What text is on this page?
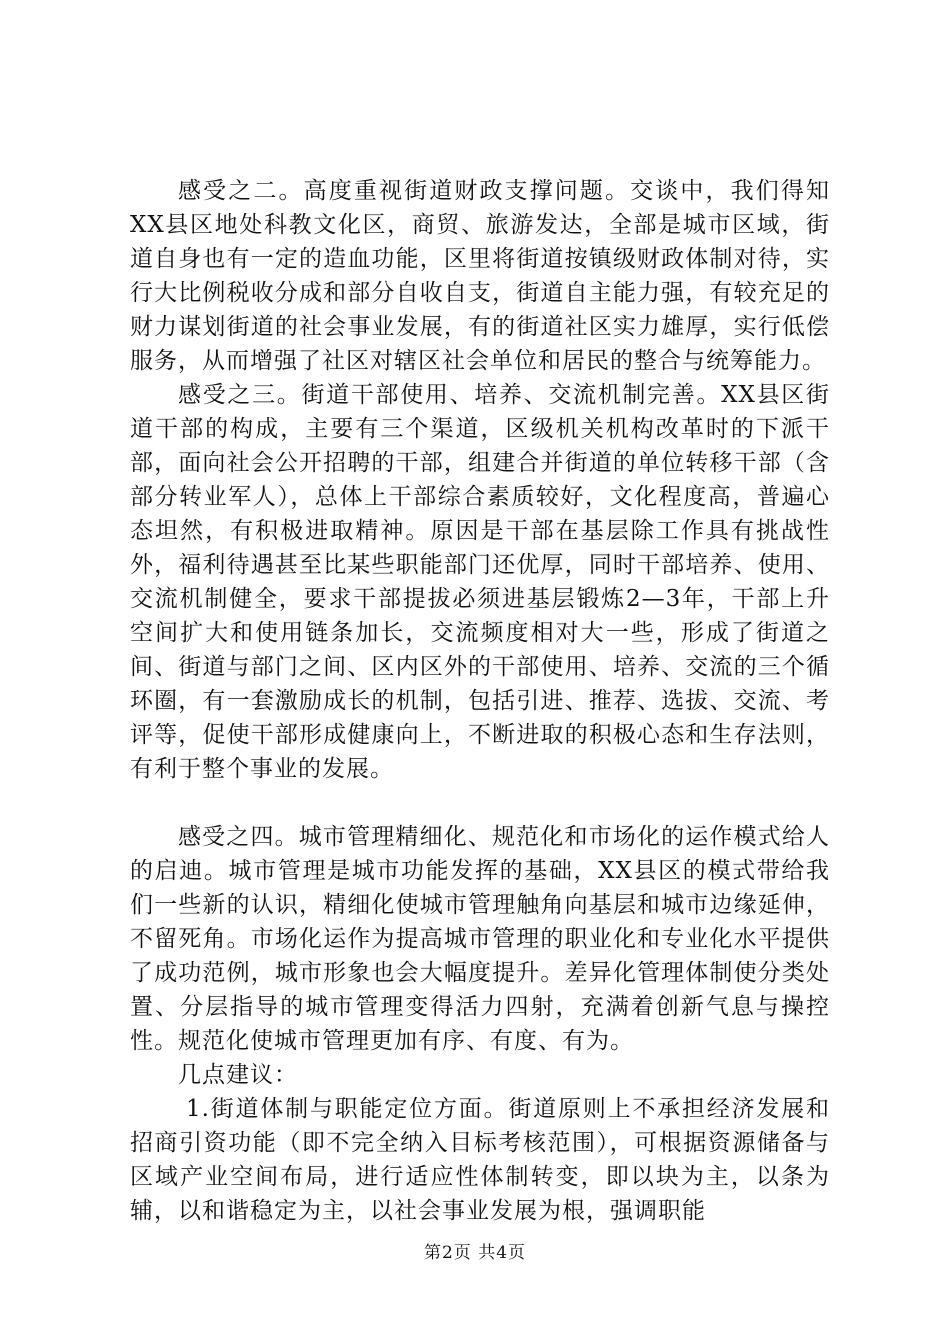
感受之二。高度重视街道财政支撑问题。交谈中，我们得知XX县区地处科教文化区，商贸、旅游发达，全部是城市区域，街道自身也有一定的造血功能，区里将街道按镇级财政体制对待，实行大比例税收分成和部分自收自支，街道自主能力强，有较充足的财力谋划街道的社会事业发展，有的街道社区实力雄厚，实行低偿服务，从而增强了社区对辖区社会单位和居民的整合与统筹能力。

感受之三。街道干部使用、培养、交流机制完善。XX县区街道干部的构成，主要有三个渠道，区级机关机构改革时的下派干部，面向社会公开招聘的干部，组建合并街道的单位转移干部（含部分转业军人），总体上干部综合素质较好，文化程度高，普遍心态坦然，有积极进取精神。原因是干部在基层除工作具有挑战性外，福利待遇甚至比某些职能部门还优厚，同时干部培养、使用、交流机制健全，要求干部提拔必须进基层锻炼2—3年，干部上升空间扩大和使用链条加长，交流频度相对大一些，形成了街道之间、街道与部门之间、区内区外的干部使用、培养、交流的三个循环圈，有一套激励成长的机制，包括引进、推荐、选拔、交流、考评等，促使干部形成健康向上，不断进取的积极心态和生存法则，有利于整个事业的发展。

感受之四。城市管理精细化、规范化和市场化的运作模式给人的启迪。城市管理是城市功能发挥的基础，XX县区的模式带给我们一些新的认识，精细化使城市管理触角向基层和城市边缘延伸，不留死角。市场化运作为提高城市管理的职业化和专业化水平提供了成功范例，城市形象也会大幅度提升。差异化管理体制使分类处置、分层指导的城市管理变得活力四射，充满着创新气息与操控性。规范化使城市管理更加有序、有度、有为。

几点建议：

1.街道体制与职能定位方面。街道原则上不承担经济发展和招商引资功能（即不完全纳入目标考核范围），可根据资源储备与区域产业空间布局，进行适应性体制转变，即以块为主，以条为辅，以和谐稳定为主，以社会事业发展为根，强调职能

第2页 共4页
